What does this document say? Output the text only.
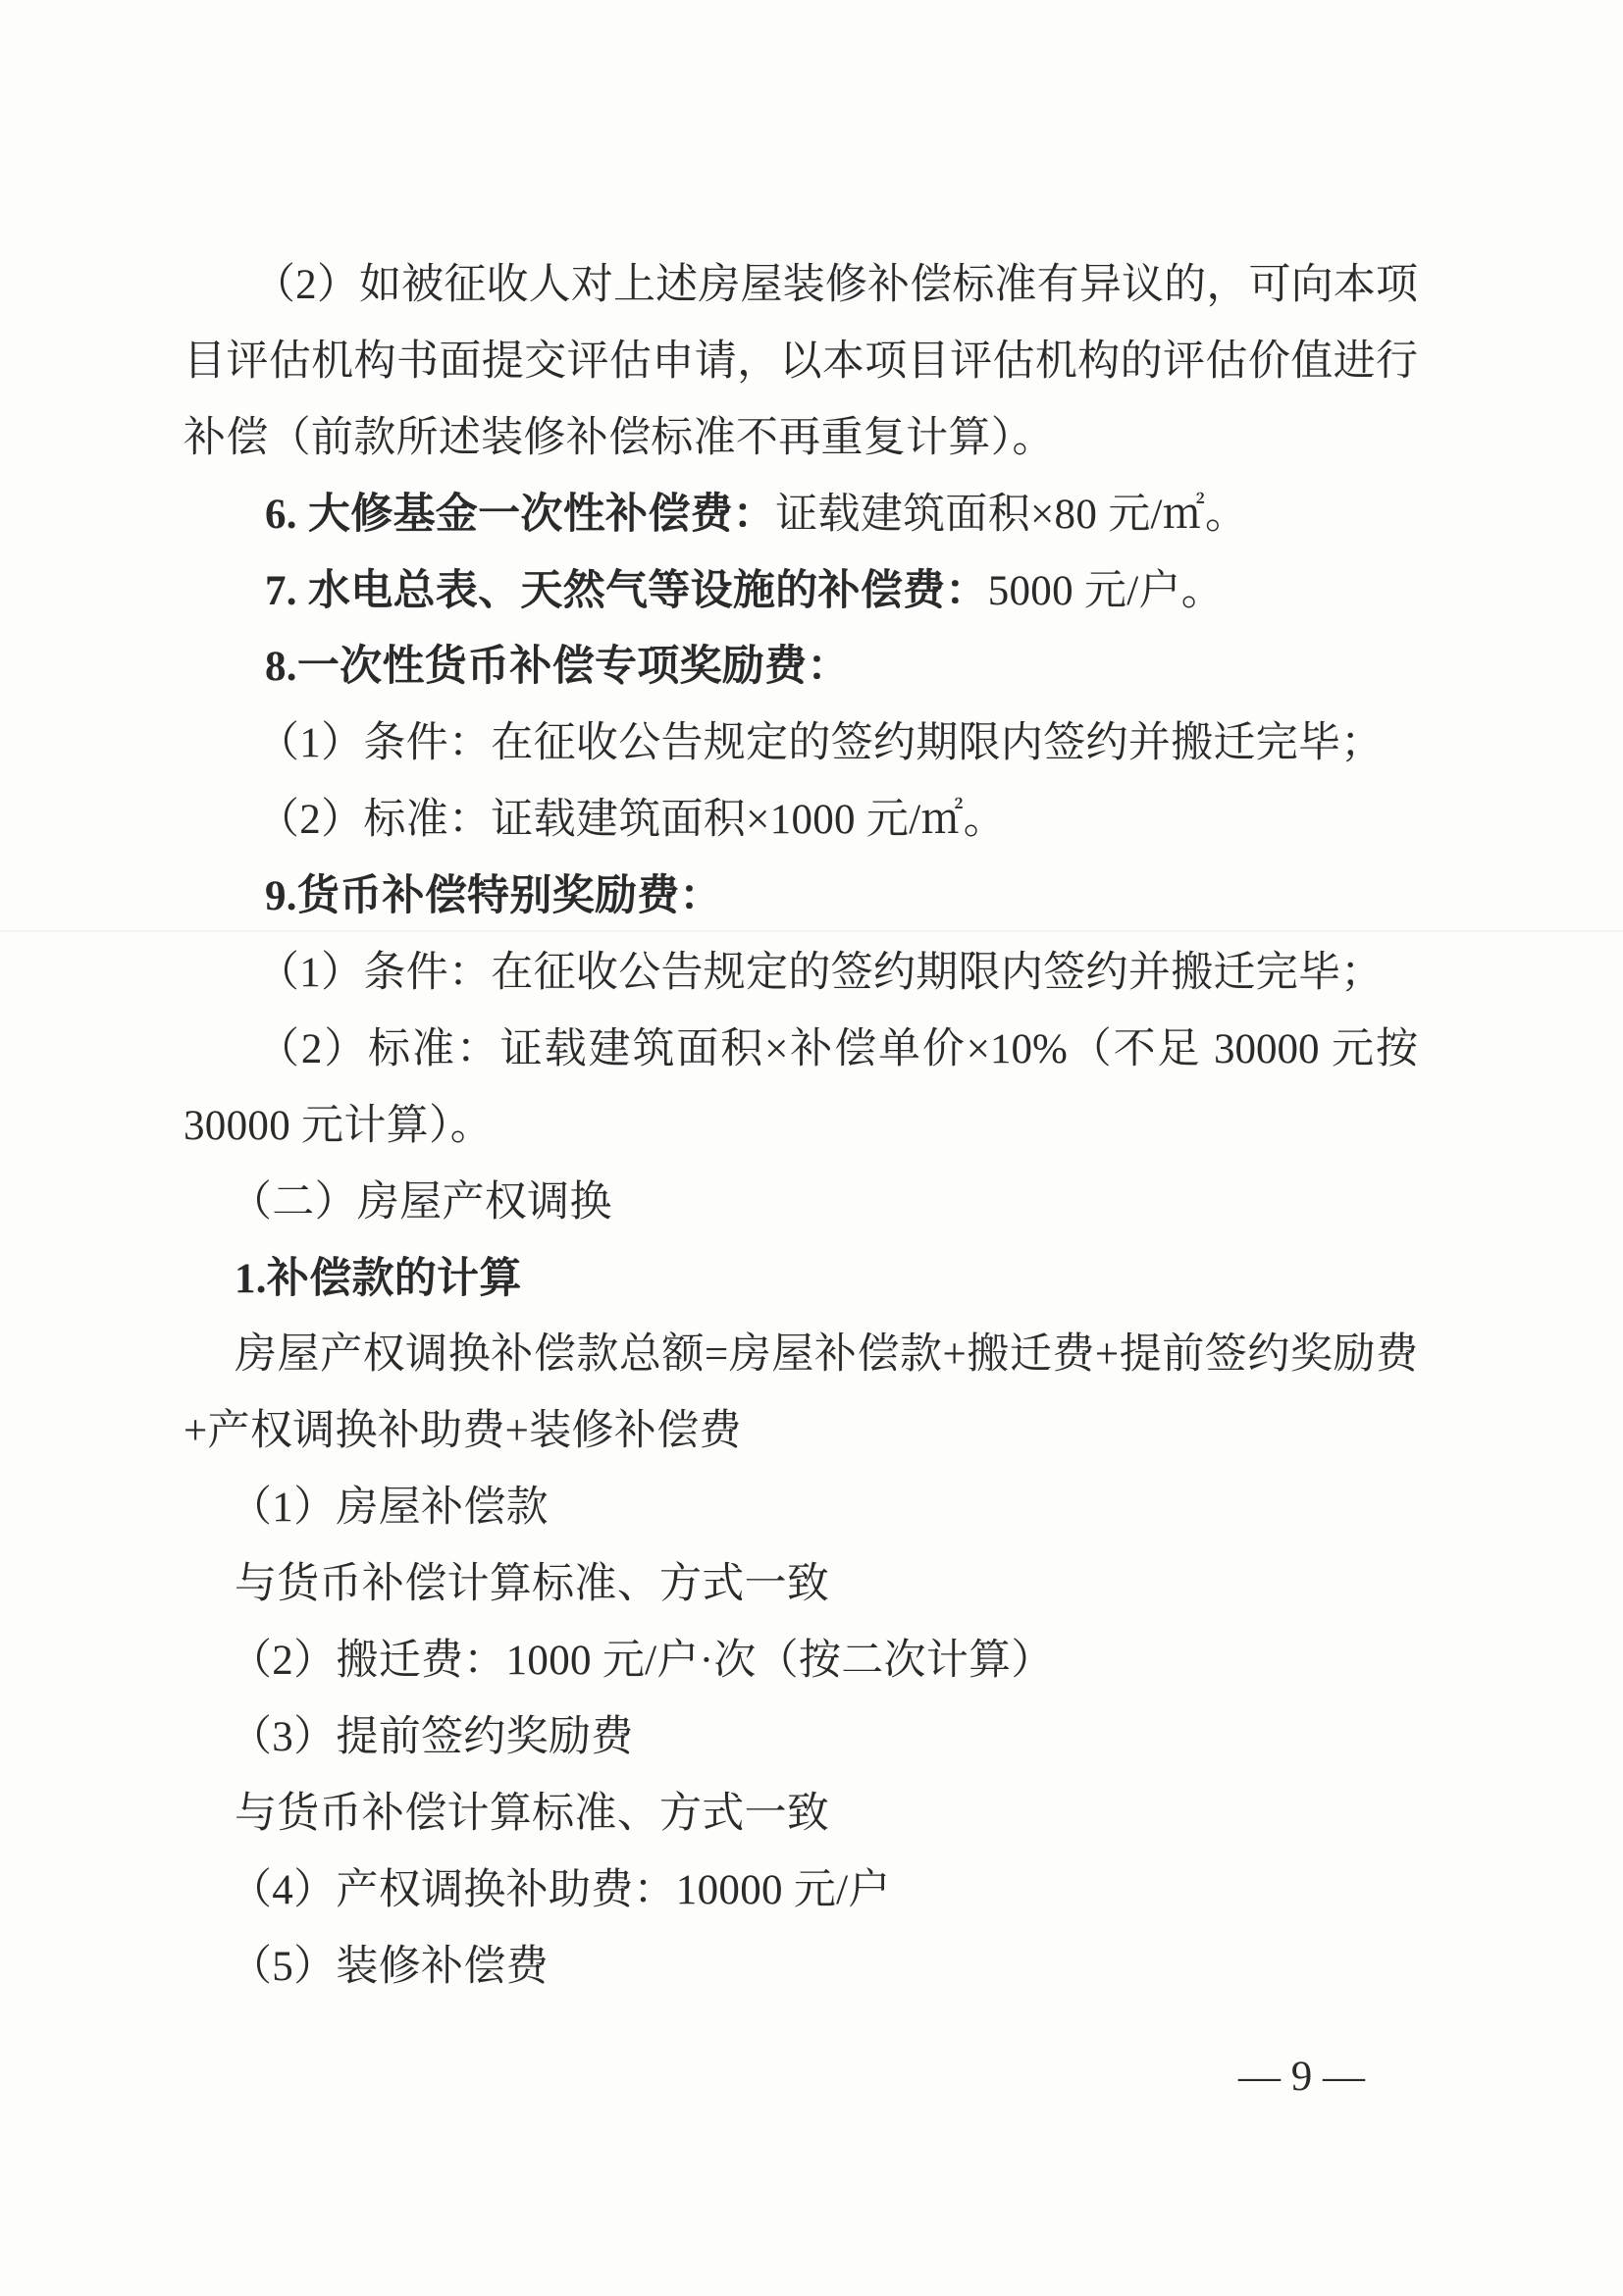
（2）如被征收人对上述房屋装修补偿标准有异议的，可向本项
目评估机构书面提交评估申请，以本项目评估机构的评估价值进行
补偿（前款所述装修补偿标准不再重复计算）。
6. 大修基金一次性补偿费：证载建筑面积×80 元/㎡。
7. 水电总表、天然气等设施的补偿费：5000 元/户。
8.一次性货币补偿专项奖励费：
（1）条件：在征收公告规定的签约期限内签约并搬迁完毕；
（2）标准：证载建筑面积×1000 元/㎡。
9.货币补偿特别奖励费：
（1）条件：在征收公告规定的签约期限内签约并搬迁完毕；
（2）标准：证载建筑面积×补偿单价×10%（不足 30000 元按
30000 元计算）。
（二）房屋产权调换
1.补偿款的计算
房屋产权调换补偿款总额=房屋补偿款+搬迁费+提前签约奖励费
+产权调换补助费+装修补偿费
（1）房屋补偿款
与货币补偿计算标准、方式一致
（2）搬迁费：1000 元/户·次（按二次计算）
（3）提前签约奖励费
与货币补偿计算标准、方式一致
（4）产权调换补助费：10000 元/户
（5）装修补偿费
— 9 —
